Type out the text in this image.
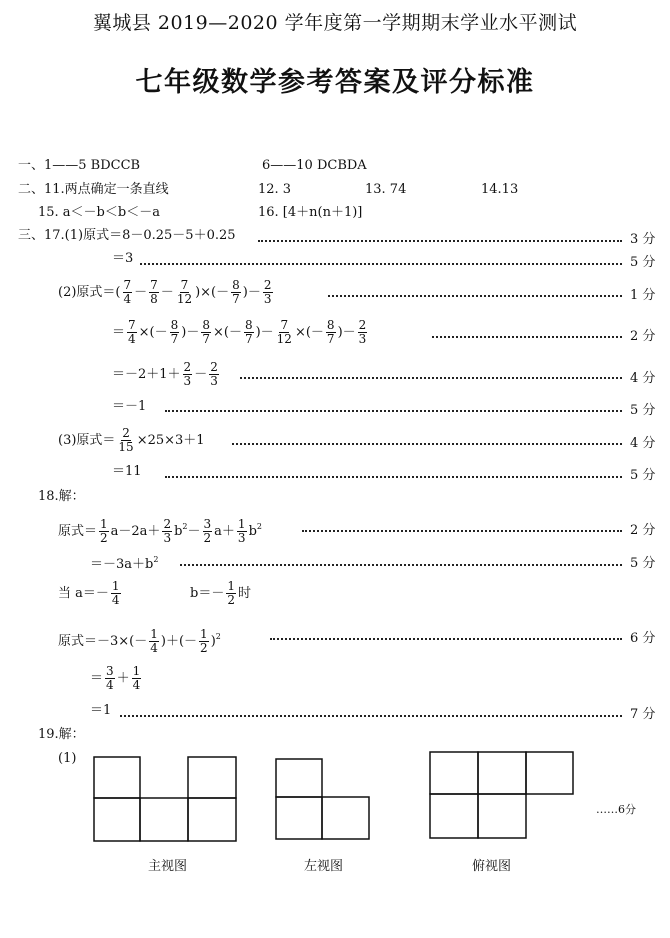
翼城县 2019—2020 学年度第一学期期末学业水平测试
七年级数学参考答案及评分标准
一、1——5 BDCCB	6——10 DCBDA
二、11.两点确定一条直线	12. 3	13. 74	14.13
15. a＜－b＜b＜－a	16. [4＋n(n＋1)]
三、17.(1)原式＝8－0.25－5＋0.25	3 分
＝3	5 分
(2)原式＝( $\frac{7}{4} - \frac{7}{8} - \frac{7}{12}$ )×(－ $\frac{8}{7}$ )－ $\frac{2}{3}$	1 分
＝ $\frac{7}{4}$ ×(－ $\frac{8}{7}$ )－ $\frac{8}{7}$ ×(－ $\frac{8}{7}$ )－ $\frac{7}{12}$ ×(－ $\frac{8}{7}$ )－ $\frac{2}{3}$	2 分
$=-2+1+ \frac{2}{3} - \frac{2}{3}$	4 分
＝－1	5 分
(3)原式＝ $\frac{2}{15} \times 25\times 3+1$	4 分
＝11	5 分
18.解：
原式＝ $\frac{1}{2} a-2a+ \frac{2}{3} b^2- \frac{3}{2} a+ \frac{1}{3} b^2$	2 分
$=-3a+b^2$	5 分
当 $a=- \frac{1}{4}$	$b=- \frac{1}{2}$ 时
原式$=-3\times(- \frac{1}{4}$ )＋(－ $\frac{1}{2} )^2$	6 分
＝ $\frac{3}{4} + \frac{1}{4}$
＝1	7 分
19.解：
(1)
主视图	左视图	俯视图
……6分
